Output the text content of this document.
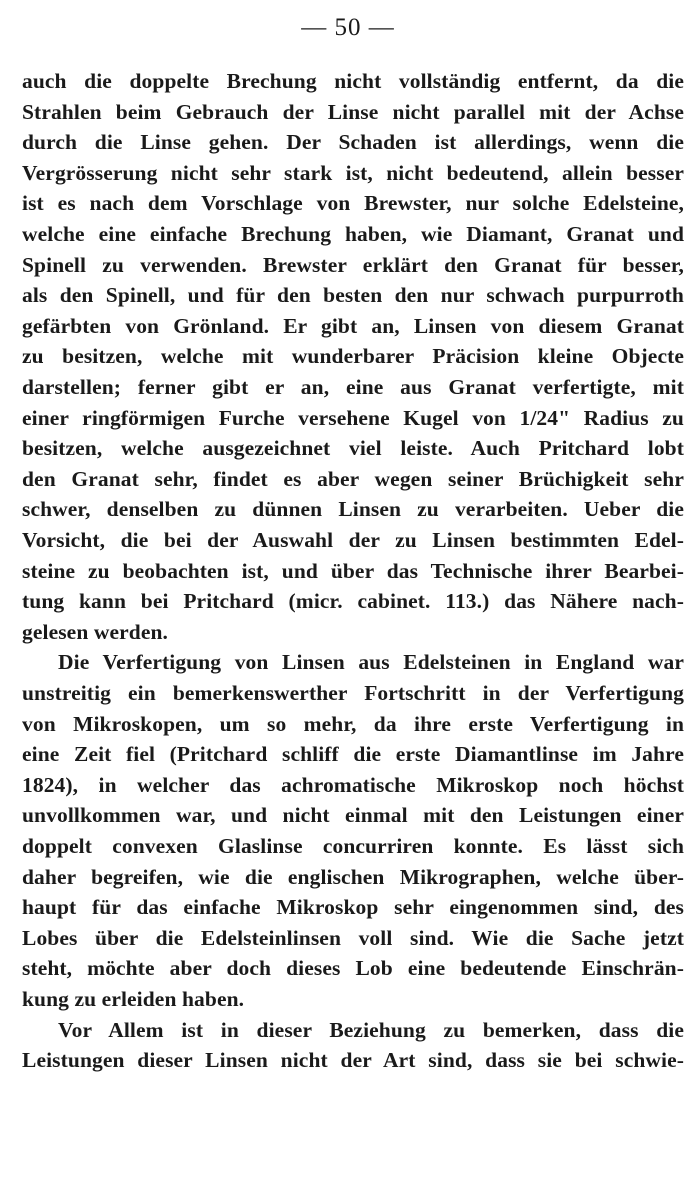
— 50 —
auch die doppelte Brechung nicht vollständig entfernt, da die
Strahlen beim Gebrauch der Linse nicht parallel mit der Achse
durch die Linse gehen. Der Schaden ist allerdings, wenn die
Vergrösserung nicht sehr stark ist, nicht bedeutend, allein besser
ist es nach dem Vorschlage von Brewster, nur solche Edelsteine,
welche eine einfache Brechung haben, wie Diamant, Granat und
Spinell zu verwenden. Brewster erklärt den Granat für besser,
als den Spinell, und für den besten den nur schwach purpurroth
gefärbten von Grönland. Er gibt an, Linsen von diesem Granat
zu besitzen, welche mit wunderbarer Präcision kleine Objecte
darstellen; ferner gibt er an, eine aus Granat verfertigte, mit
einer ringförmigen Furche versehene Kugel von 1/24" Radius zu
besitzen, welche ausgezeichnet viel leiste. Auch Pritchard lobt
den Granat sehr, findet es aber wegen seiner Brüchigkeit sehr
schwer, denselben zu dünnen Linsen zu verarbeiten. Ueber die
Vorsicht, die bei der Auswahl der zu Linsen bestimmten Edel-
steine zu beobachten ist, und über das Technische ihrer Bearbei-
tung kann bei Pritchard (micr. cabinet. 113.) das Nähere nach-
gelesen werden.
Die Verfertigung von Linsen aus Edelsteinen in England war
unstreitig ein bemerkenswerther Fortschritt in der Verfertigung
von Mikroskopen, um so mehr, da ihre erste Verfertigung in
eine Zeit fiel (Pritchard schliff die erste Diamantlinse im Jahre
1824), in welcher das achromatische Mikroskop noch höchst
unvollkommen war, und nicht einmal mit den Leistungen einer
doppelt convexen Glaslinse concurriren konnte. Es lässt sich
daher begreifen, wie die englischen Mikrographen, welche über-
haupt für das einfache Mikroskop sehr eingenommen sind, des
Lobes über die Edelsteinlinsen voll sind. Wie die Sache jetzt
steht, möchte aber doch dieses Lob eine bedeutende Einschrän-
kung zu erleiden haben.
Vor Allem ist in dieser Beziehung zu bemerken, dass die
Leistungen dieser Linsen nicht der Art sind, dass sie bei schwie-
